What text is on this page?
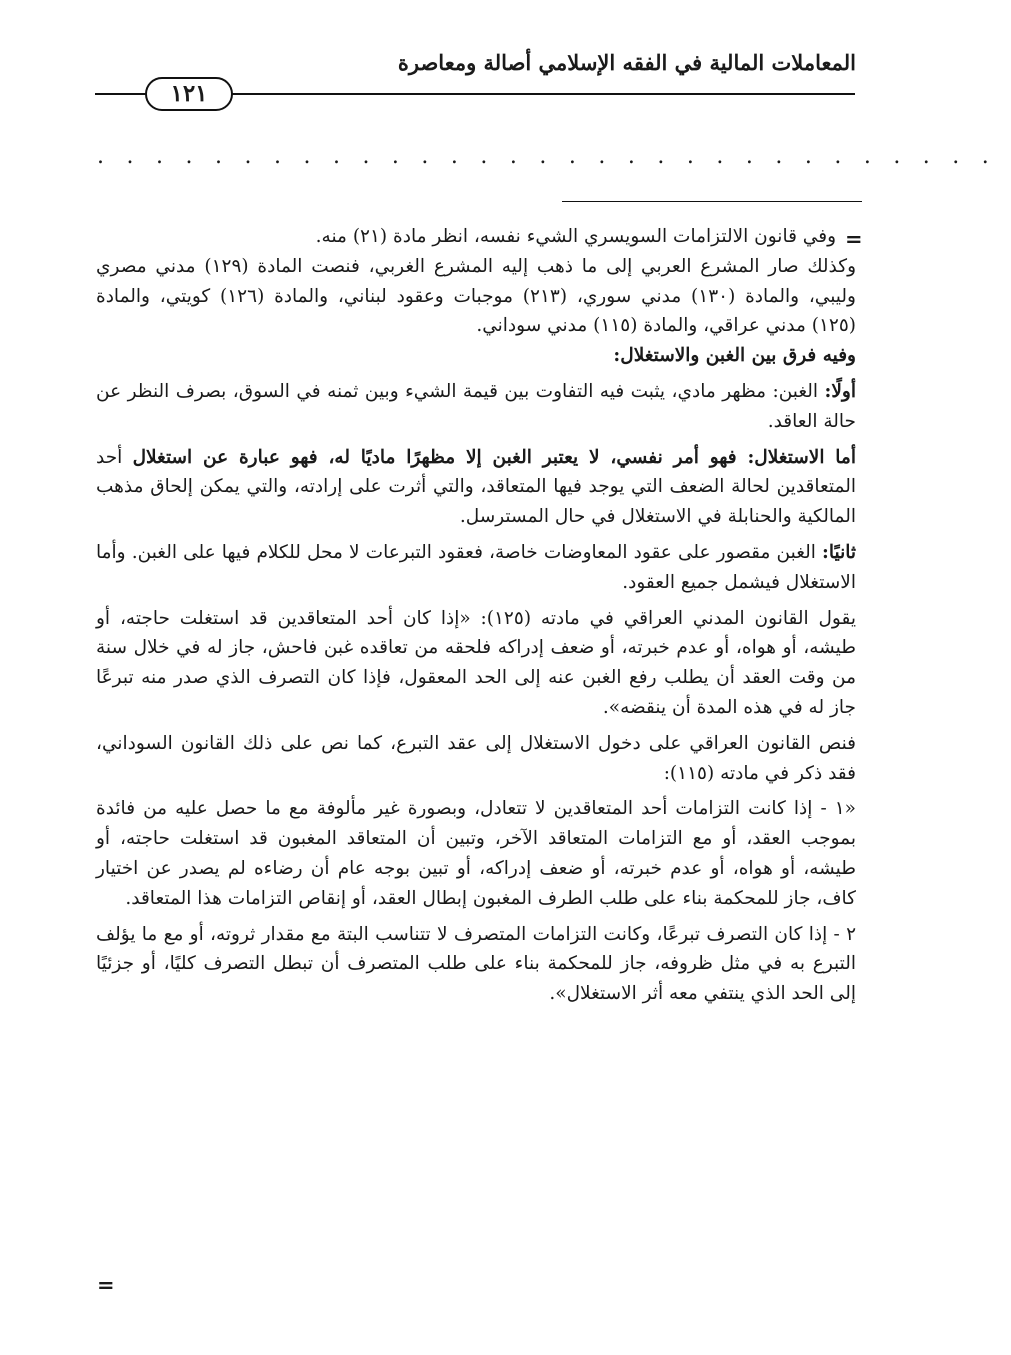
المعاملات المالية في الفقه الإسلامي أصالة ومعاصرة
١٢١
...............................
=
=

وفي قانون الالتزامات السويسري الشيء نفسه، انظر مادة (٢١) منه.

وكذلك صار المشرع العربي إلى ما ذهب إليه المشرع الغربي، فنصت المادة (١٢٩) مدني مصري وليبي، والمادة (١٣٠) مدني سوري، (٢١٣) موجبات وعقود لبناني، والمادة (١٢٦) كويتي، والمادة (١٢٥) مدني عراقي، والمادة (١١٥) مدني سوداني.

وفيه فرق بين الغبن والاستغلال:

أولًا: الغبن: مظهر مادي، يثبت فيه التفاوت بين قيمة الشيء وبين ثمنه في السوق، بصرف النظر عن حالة العاقد.

أما الاستغلال: فهو أمر نفسي، لا يعتبر الغبن إلا مظهرًا ماديًا له، فهو عبارة عن استغلال أحد المتعاقدين لحالة الضعف التي يوجد فيها المتعاقد، والتي أثرت على إرادته، والتي يمكن إلحاق مذهب المالكية والحنابلة في الاستغلال في حال المسترسل.

ثانيًا: الغبن مقصور على عقود المعاوضات خاصة، فعقود التبرعات لا محل للكلام فيها على الغبن. وأما الاستغلال فيشمل جميع العقود.

يقول القانون المدني العراقي في مادته (١٢٥): «إذا كان أحد المتعاقدين قد استغلت حاجته، أو طيشه، أو هواه، أو عدم خبرته، أو ضعف إدراكه فلحقه من تعاقده غبن فاحش، جاز له في خلال سنة من وقت العقد أن يطلب رفع الغبن عنه إلى الحد المعقول، فإذا كان التصرف الذي صدر منه تبرعًا جاز له في هذه المدة أن ينقضه».

فنص القانون العراقي على دخول الاستغلال إلى عقد التبرع، كما نص على ذلك القانون السوداني، فقد ذكر في مادته (١١٥):

«١ - إذا كانت التزامات أحد المتعاقدين لا تتعادل، وبصورة غير مألوفة مع ما حصل عليه من فائدة بموجب العقد، أو مع التزامات المتعاقد الآخر، وتبين أن المتعاقد المغبون قد استغلت حاجته، أو طيشه، أو هواه، أو عدم خبرته، أو ضعف إدراكه، أو تبين بوجه عام أن رضاءه لم يصدر عن اختيار كاف، جاز للمحكمة بناء على طلب الطرف المغبون إبطال العقد، أو إنقاص التزامات هذا المتعاقد.

٢ - إذا كان التصرف تبرعًا، وكانت التزامات المتصرف لا تتناسب البتة مع مقدار ثروته، أو مع ما يؤلف التبرع به في مثل ظروفه، جاز للمحكمة بناء على طلب المتصرف أن تبطل التصرف كليًا، أو جزئيًا إلى الحد الذي ينتفي معه أثر الاستغلال».
